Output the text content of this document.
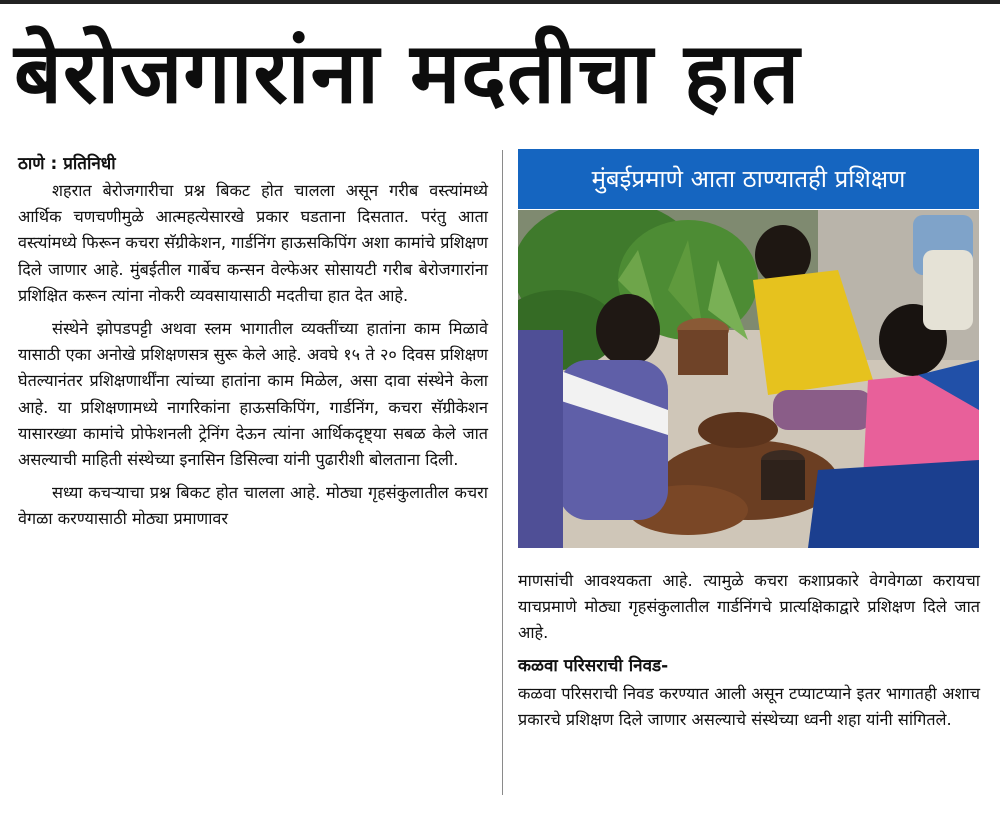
बेरोजगारांना मदतीचा हात
ठाणे : प्रतिनिधी

शहरात बेरोजगारीचा प्रश्न बिकट होत चालला असून गरीब वस्त्यांमध्ये आर्थिक चणचणीमुळे आत्महत्येसारखे प्रकार घडताना दिसतात. परंतु आता वस्त्यांमध्ये फिरून कचरा सॅग्रीकेशन, गार्डनिंग हाऊसकिपिंग अशा कामांचे प्रशिक्षण दिले जाणार आहे. मुंबईतील गार्बेच कन्सन वेल्फेअर सोसायटी गरीब बेरोजगारांना प्रशिक्षित करून त्यांना नोकरी व्यवसायासाठी मदतीचा हात देत आहे.

संस्थेने झोपडपट्टी अथवा स्लम भागातील व्यक्तींच्या हातांना काम मिळावे यासाठी एका अनोखे प्रशिक्षणसत्र सुरू केले आहे. अवघे १५ ते २० दिवस प्रशिक्षण घेतल्यानंतर प्रशिक्षणार्थींना त्यांच्या हातांना काम मिळेल, असा दावा संस्थेने केला आहे. या प्रशिक्षणामध्ये नागरिकांना हाऊसकिपिंग, गार्डनिंग, कचरा सॅग्रीकेशन यासारख्या कामांचे प्रोफेशनली ट्रेनिंग देऊन त्यांना आर्थिकदृष्ट्या सबळ केले जात असल्याची माहिती संस्थेच्या इनासिन डिसिल्वा यांनी पुढारीशी बोलताना दिली.

सध्या कचऱ्याचा प्रश्न बिकट होत चालला आहे. मोठ्या गृहसंकुलातील कचरा वेगळा करण्यासाठी मोठ्या प्रमाणावर

मुंबईप्रमाणे आता ठाण्यातही प्रशिक्षण

माणसांची आवश्यकता आहे. त्यामुळे कचरा कशाप्रकारे वेगवेगळा करायचा याचप्रमाणे मोठ्या गृहसंकुलातील गार्डनिंगचे प्रात्यक्षिकाद्वारे प्रशिक्षण दिले जात आहे.

कळवा परिसराची निवड-

कळवा परिसराची निवड करण्यात आली असून टप्याटप्याने इतर भागातही अशाच प्रकारचे प्रशिक्षण दिले जाणार असल्याचे संस्थेच्या ध्वनी शहा यांनी सांगितले.
